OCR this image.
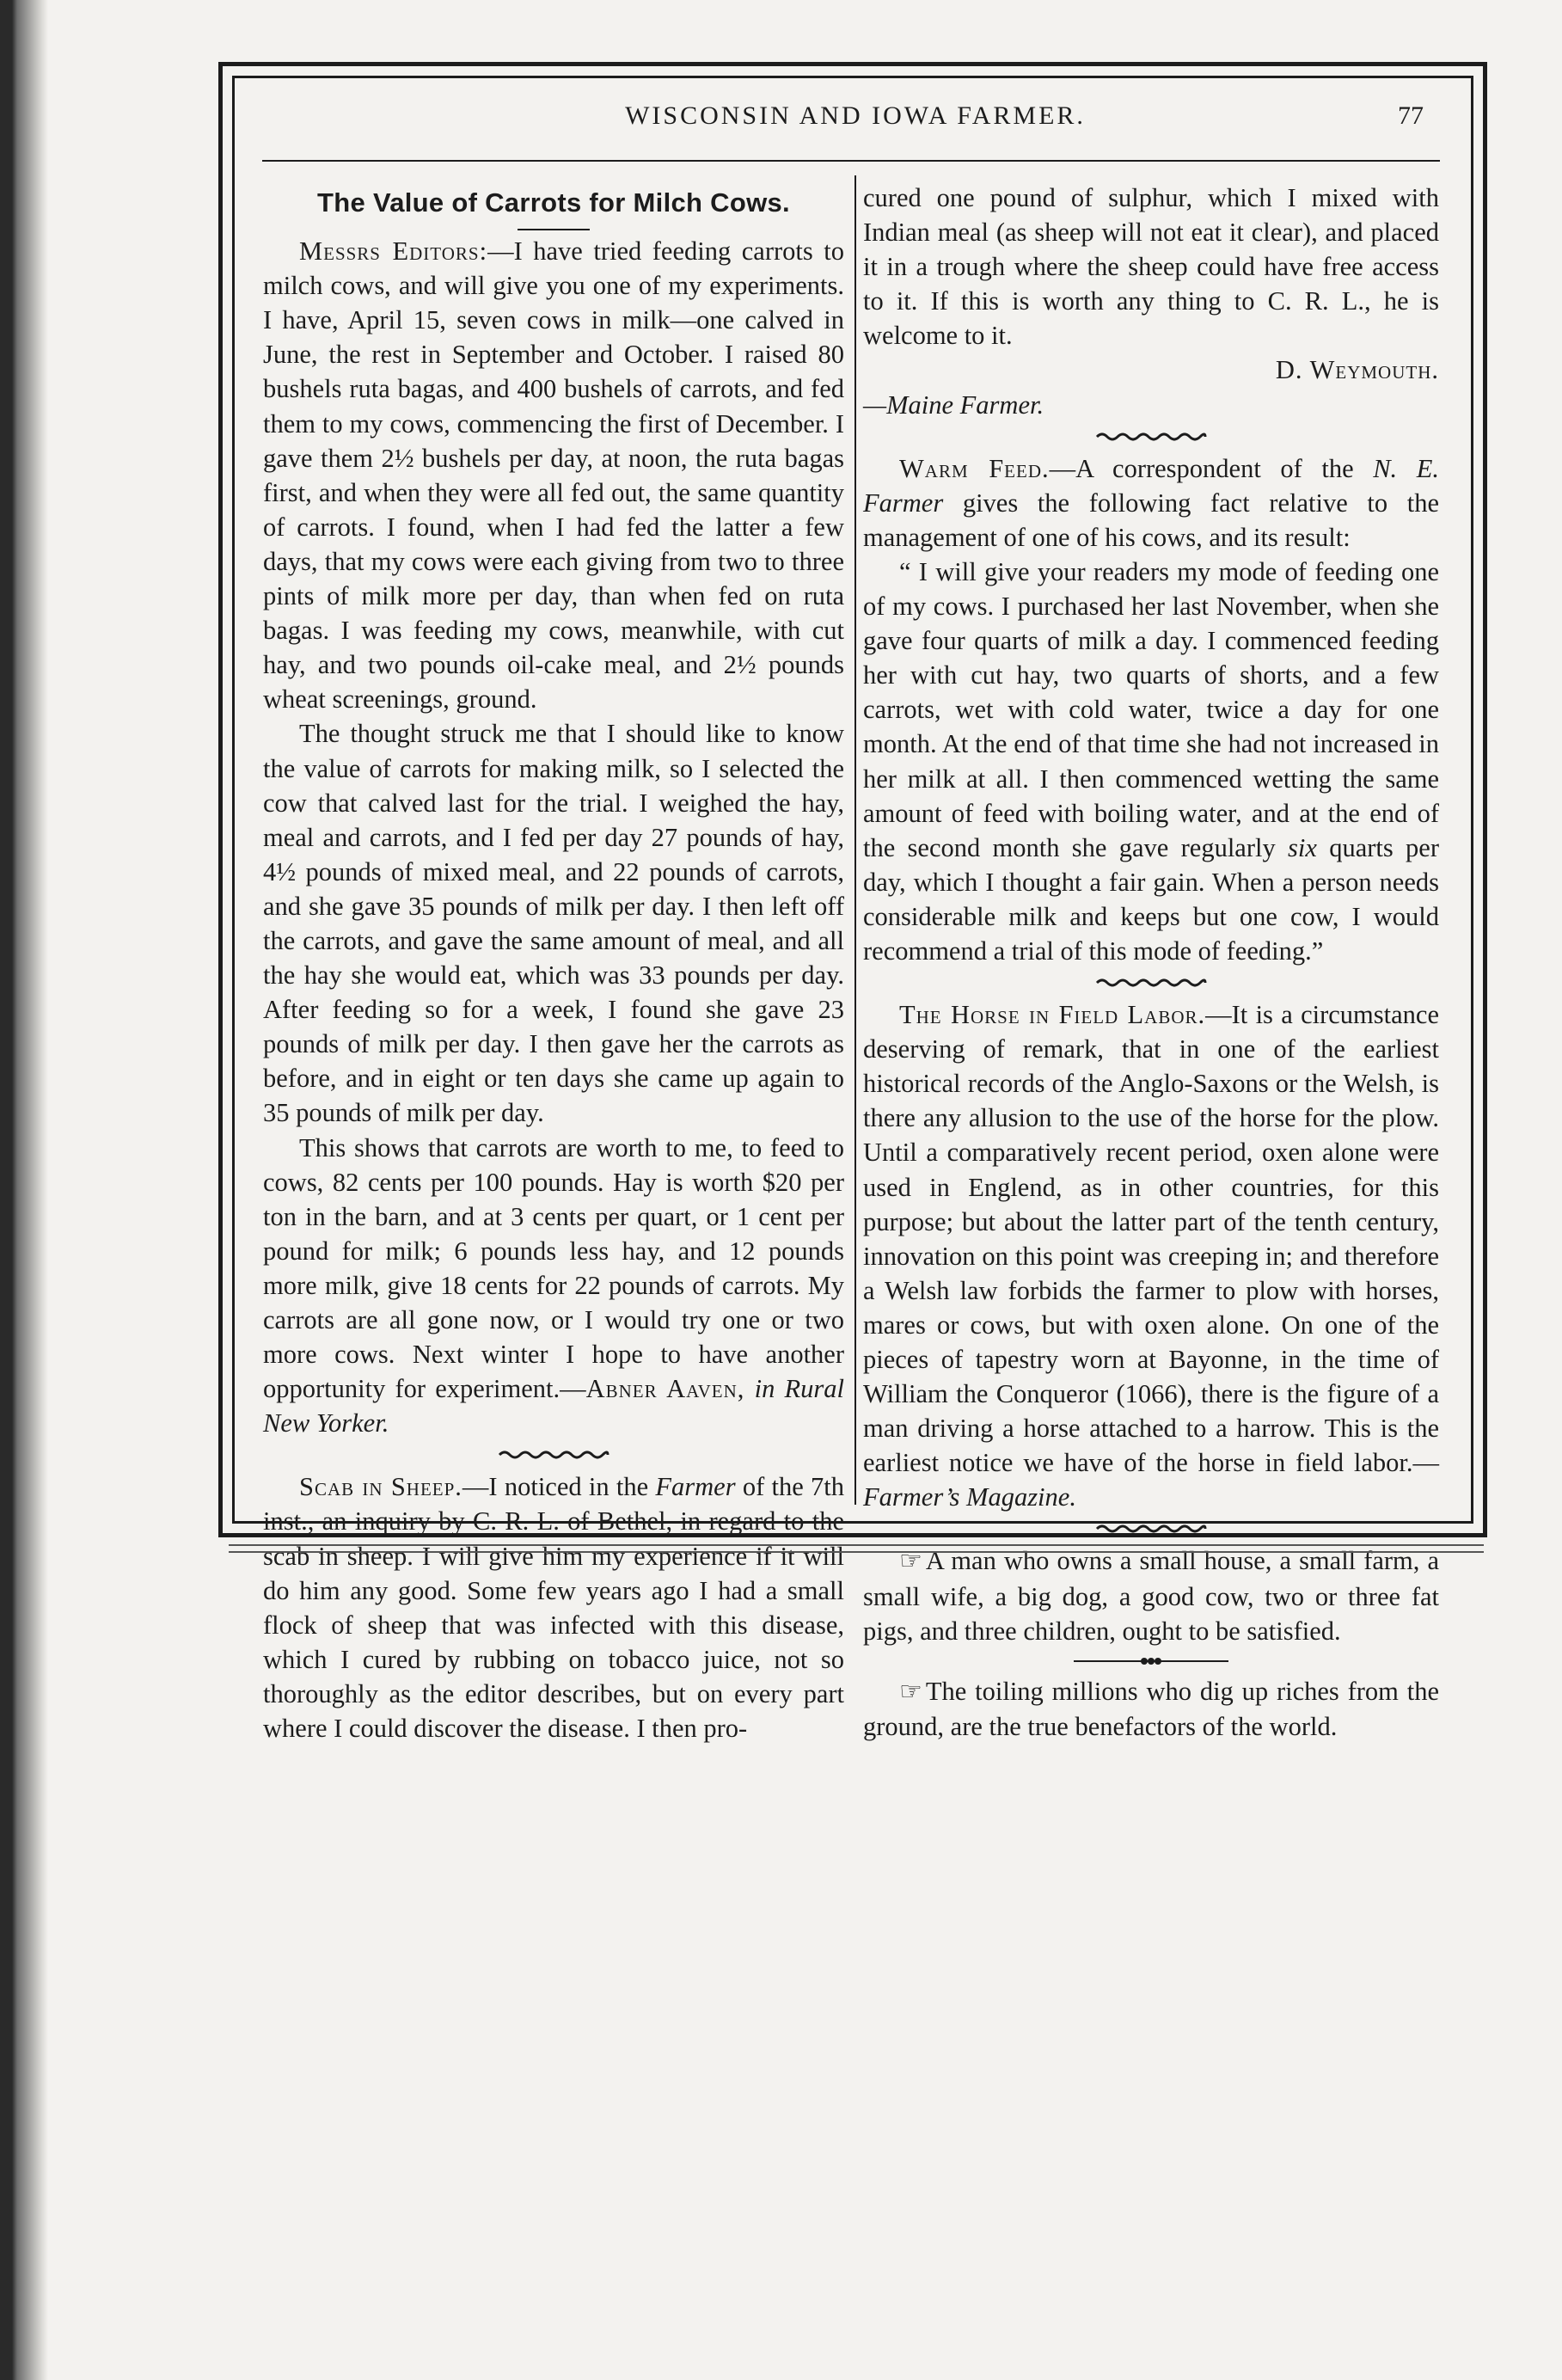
WISCONSIN AND IOWA FARMER.	77
The Value of Carrots for Milch Cows.

Messrs Editors:—I have tried feeding carrots to milch cows, and will give you one of my experiments. I have, April 15, seven cows in milk—one calved in June, the rest in September and October. I raised 80 bushels ruta bagas, and 400 bushels of carrots, and fed them to my cows, commencing the first of December. I gave them 2½ bushels per day, at noon, the ruta bagas first, and when they were all fed out, the same quantity of carrots. I found, when I had fed the latter a few days, that my cows were each giving from two to three pints of milk more per day, than when fed on ruta bagas. I was feeding my cows, meanwhile, with cut hay, and two pounds oil-cake meal, and 2½ pounds wheat screenings, ground.

The thought struck me that I should like to know the value of carrots for making milk, so I selected the cow that calved last for the trial. I weighed the hay, meal and carrots, and I fed per day 27 pounds of hay, 4½ pounds of mixed meal, and 22 pounds of carrots, and she gave 35 pounds of milk per day. I then left off the carrots, and gave the same amount of meal, and all the hay she would eat, which was 33 pounds per day. After feeding so for a week, I found she gave 23 pounds of milk per day. I then gave her the carrots as before, and in eight or ten days she came up again to 35 pounds of milk per day.

This shows that carrots are worth to me, to feed to cows, 82 cents per 100 pounds. Hay is worth $20 per ton in the barn, and at 3 cents per quart, or 1 cent per pound for milk; 6 pounds less hay, and 12 pounds more milk, give 18 cents for 22 pounds of carrots. My carrots are all gone now, or I would try one or two more cows. Next winter I hope to have another opportunity for experiment.—Abner Aaven, in Rural New Yorker.

Scab in Sheep.—I noticed in the Farmer of the 7th inst., an inquiry by C. R. L. of Bethel, in regard to the scab in sheep. I will give him my experience if it will do him any good. Some few years ago I had a small flock of sheep that was infected with this disease, which I cured by rubbing on tobacco juice, not so thoroughly as the editor describes, but on every part where I could discover the disease. I then pro-

cured one pound of sulphur, which I mixed with Indian meal (as sheep will not eat it clear), and placed it in a trough where the sheep could have free access to it. If this is worth any thing to C. R. L., he is welcome to it.

D. Weymouth.

—Maine Farmer.

Warm Feed.—A correspondent of the N. E. Farmer gives the following fact relative to the management of one of his cows, and its result:

“ I will give your readers my mode of feeding one of my cows. I purchased her last November, when she gave four quarts of milk a day. I commenced feeding her with cut hay, two quarts of shorts, and a few carrots, wet with cold water, twice a day for one month. At the end of that time she had not increased in her milk at all. I then commenced wetting the same amount of feed with boiling water, and at the end of the second month she gave regularly six quarts per day, which I thought a fair gain. When a person needs considerable milk and keeps but one cow, I would recommend a trial of this mode of feeding.”

The Horse in Field Labor.—It is a circumstance deserving of remark, that in one of the earliest historical records of the Anglo-Saxons or the Welsh, is there any allusion to the use of the horse for the plow. Until a comparatively recent period, oxen alone were used in Englend, as in other countries, for this purpose; but about the latter part of the tenth century, innovation on this point was creeping in; and therefore a Welsh law forbids the farmer to plow with horses, mares or cows, but with oxen alone. On one of the pieces of tapestry worn at Bayonne, in the time of William the Conqueror (1066), there is the figure of a man driving a horse attached to a harrow. This is the earliest notice we have of the horse in field labor.—Farmer’s Magazine.

☞ A man who owns a small house, a small farm, a small wife, a big dog, a good cow, two or three fat pigs, and three children, ought to be satisfied.

☞ The toiling millions who dig up riches from the ground, are the true benefactors of the world.
